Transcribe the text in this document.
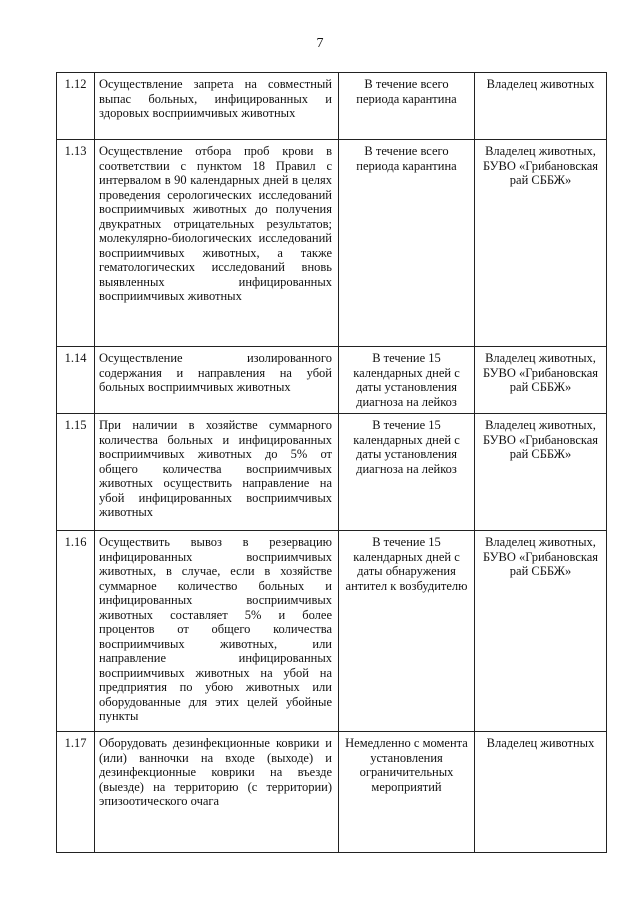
7
1.12	Осуществление запрета на совместный выпас больных, инфицированных и здоровых восприимчивых животных	В течение всего периода карантина	Владелец животных
1.13	Осуществление отбора проб крови в соответствии с пунктом 18 Правил с интервалом в 90 календарных дней в целях проведения серологических исследований восприимчивых животных до получения двукратных отрицательных результатов; молекулярно-биологических исследований восприимчивых животных, а также гематологических исследований вновь выявленных инфицированных восприимчивых животных	В течение всего периода карантина	Владелец животных, БУВО «Грибановская рай СББЖ»
1.14	Осуществление изолированного содержания и направления на убой больных восприимчивых животных	В течение 15 календарных дней с даты установления диагноза на лейкоз	Владелец животных, БУВО «Грибановская рай СББЖ»
1.15	При наличии в хозяйстве суммарного количества больных и инфицированных восприимчивых животных до 5% от общего количества восприимчивых животных осуществить направление на убой инфицированных восприимчивых животных	В течение 15 календарных дней с даты установления диагноза на лейкоз	Владелец животных, БУВО «Грибановская рай СББЖ»
1.16	Осуществить вывоз в резервацию инфицированных восприимчивых животных, в случае, если в хозяйстве суммарное количество больных и инфицированных восприимчивых животных составляет 5% и более процентов от общего количества восприимчивых животных, или направление инфицированных восприимчивых животных на убой на предприятия по убою животных или оборудованные для этих целей убойные пункты	В течение 15 календарных дней с даты обнаружения антител к возбудителю	Владелец животных, БУВО «Грибановская рай СББЖ»
1.17	Оборудовать дезинфекционные коврики и (или) ванночки на входе (выходе) и дезинфекционные коврики на въезде (выезде) на территорию (с территории) эпизоотического очага	Немедленно с момента установления ограничительных мероприятий	Владелец животных
